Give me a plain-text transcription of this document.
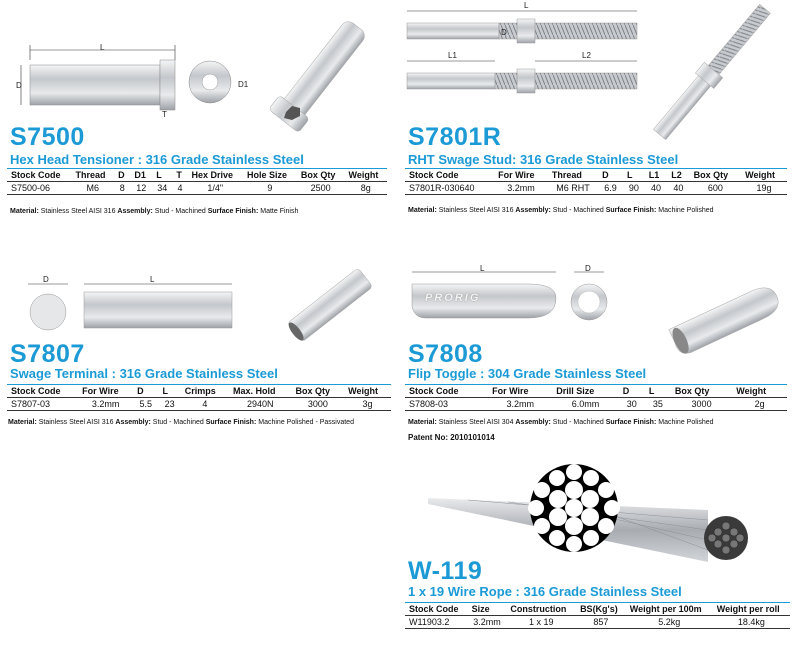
L
D
T
D1
S7500
Hex Head Tensioner : 316 Grade Stainless Steel
Stock Code	Thread	D	D1	L	T	Hex Drive	Hole Size	Box Qty	Weight
S7500-06	M6	8	12	34	4	1/4"	9	2500	8g
Material: Stainless Steel AISI 316 Assembly: Stud - Machined Surface Finish: Matte Finish
L
D
L1	L2
S7801R
RHT Swage Stud: 316 Grade Stainless Steel
Stock Code	For Wire	Thread	D	L	L1	L2	Box Qty	Weight
S7801R-030640	3.2mm	M6 RHT	6.9	90	40	40	600	19g
Material: Stainless Steel AISI 316 Assembly: Stud - Machined Surface Finish: Machine Polished
D	L
S7807
Swage Terminal : 316 Grade Stainless Steel
Stock Code	For Wire	D	L	Crimps	Max. Hold	Box Qty	Weight
S7807-03	3.2mm	5.5	23	4	2940N	3000	3g
Material: Stainless Steel AISI 316 Assembly: Stud - Machined Surface Finish: Machine Polished - Passivated
L	D
PRORIG
S7808
Flip Toggle : 304 Grade Stainless Steel
Stock Code	For Wire	Drill Size	D	L	Box Qty	Weight
S7808-03	3.2mm	6.0mm	30	35	3000	2g
Material: Stainless Steel AISI 304 Assembly: Stud - Machined Surface Finish: Machine Polished
Patent No: 2010101014
W-119
1 x 19 Wire Rope : 316 Grade Stainless Steel
Stock Code	Size	Construction	BS(Kg's)	Weight per 100m	Weight per roll
W11903.2	3.2mm	1 x 19	857	5.2kg	18.4kg
